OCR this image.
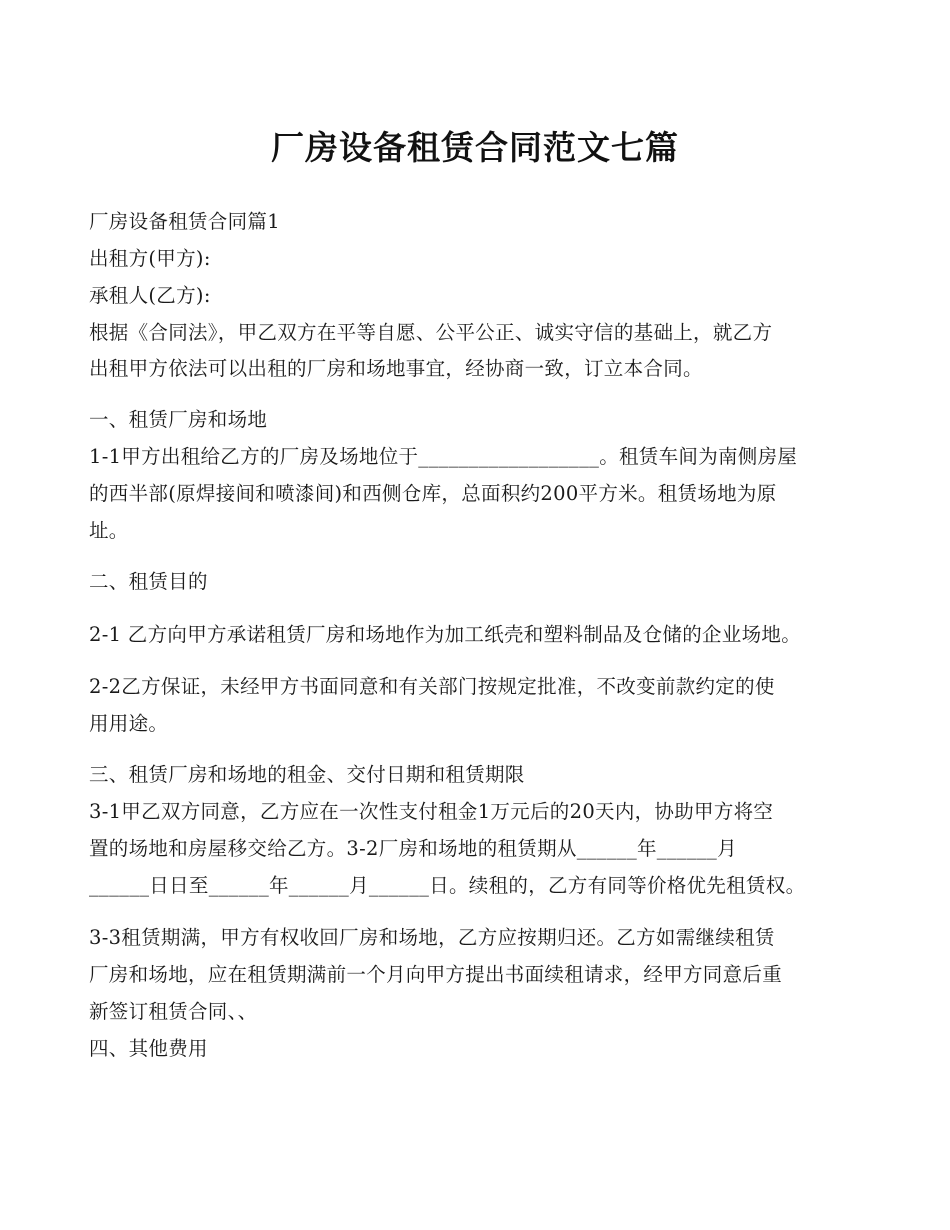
厂房设备租赁合同范文七篇
厂房设备租赁合同篇1
出租方(甲方):
承租人(乙方):
根据《合同法》，甲乙双方在平等自愿、公平公正、诚实守信的基础上，就乙方
出租甲方依法可以出租的厂房和场地事宜，经协商一致，订立本合同。
一、租赁厂房和场地
1-1甲方出租给乙方的厂房及场地位于__________________。租赁车间为南侧房屋
的西半部(原焊接间和喷漆间)和西侧仓库，总面积约200平方米。租赁场地为原
址。
二、租赁目的
2-1 乙方向甲方承诺租赁厂房和场地作为加工纸壳和塑料制品及仓储的企业场地。
2-2乙方保证，未经甲方书面同意和有关部门按规定批准，不改变前款约定的使
用用途。
三、租赁厂房和场地的租金、交付日期和租赁期限
3-1甲乙双方同意，乙方应在一次性支付租金1万元后的20天内，协助甲方将空
置的场地和房屋移交给乙方。3-2厂房和场地的租赁期从______年______月
______日日至______年______月______日。续租的，乙方有同等价格优先租赁权。
3-3租赁期满，甲方有权收回厂房和场地，乙方应按期归还。乙方如需继续租赁
厂房和场地，应在租赁期满前一个月向甲方提出书面续租请求，经甲方同意后重
新签订租赁合同、、
四、其他费用
